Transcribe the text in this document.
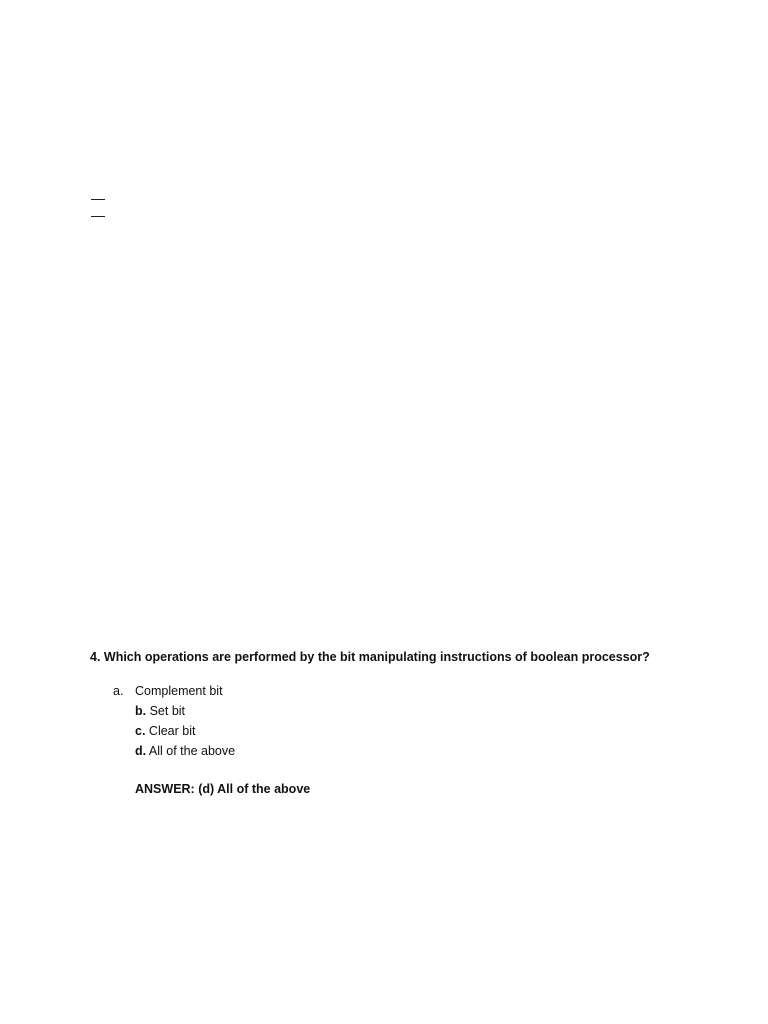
4. Which operations are performed by the bit manipulating instructions of boolean processor?
a. Complement bit
b. Set bit
c. Clear bit
d. All of the above
ANSWER: (d) All of the above
